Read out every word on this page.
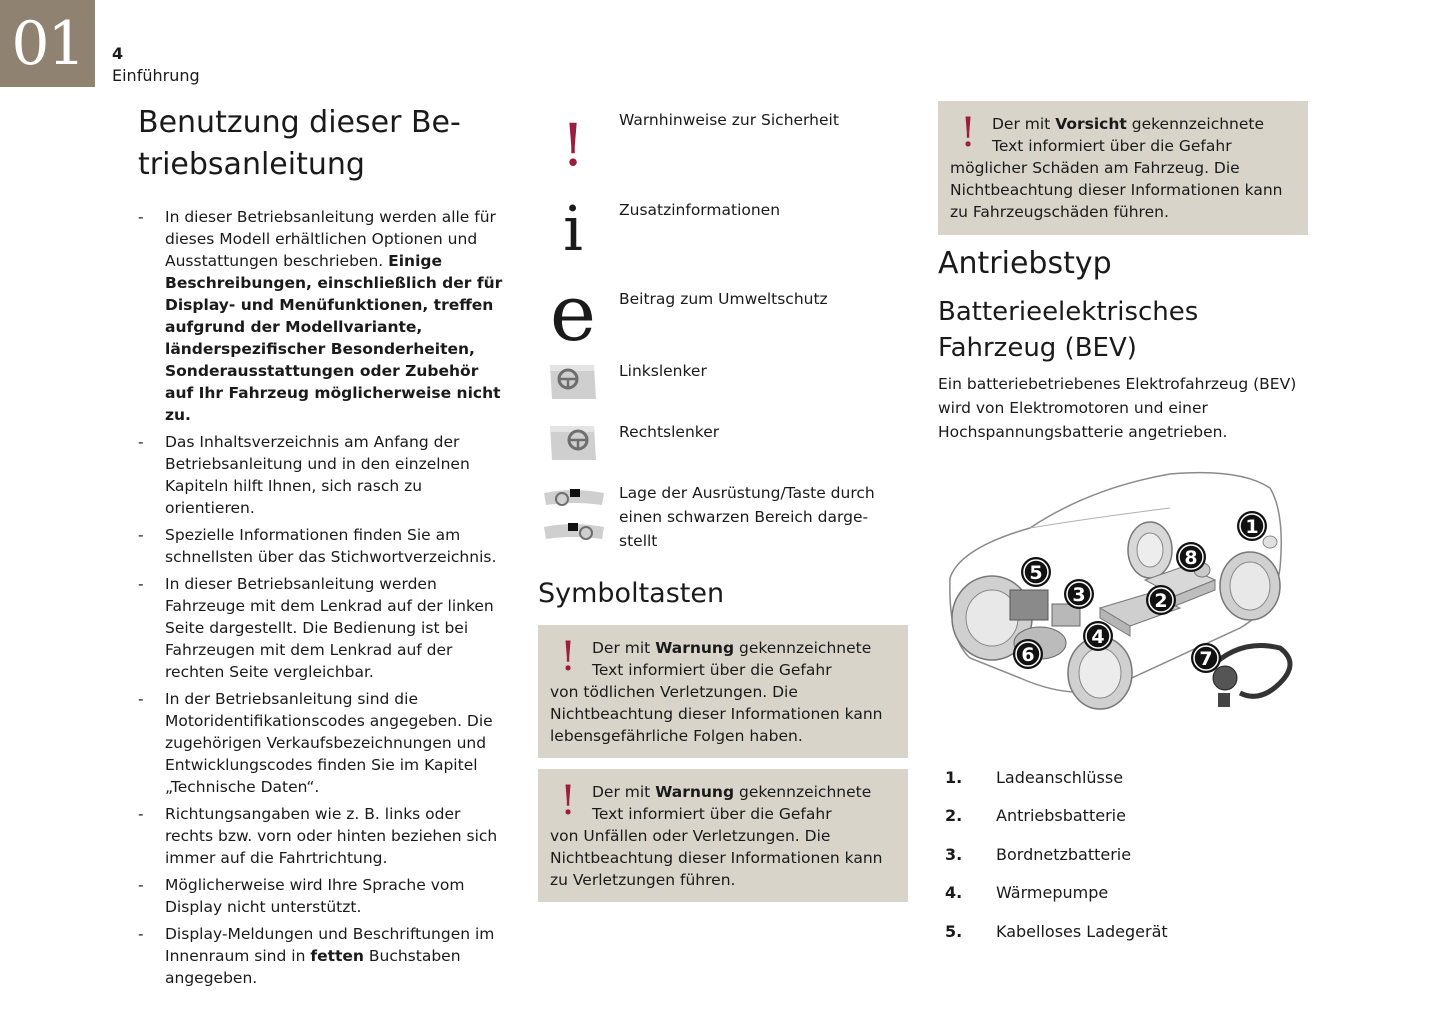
01 4
Einführung
Benutzung dieser Be-
triebsanleitung
- In dieser Betriebsanleitung werden alle für dieses Modell erhältlichen Optionen und Ausstattungen beschrieben. Einige Beschreibungen, einschließlich der für Display- und Menüfunktionen, treffen aufgrund der Modellvariante, länderspezifischer Besonderheiten, Sonderausstattungen oder Zubehör auf Ihr Fahrzeug möglicherweise nicht zu.
- Das Inhaltsverzeichnis am Anfang der Betriebsanleitung und in den einzelnen Kapiteln hilft Ihnen, sich rasch zu orientieren.
- Spezielle Informationen finden Sie am schnellsten über das Stichwortverzeichnis.
- In dieser Betriebsanleitung werden Fahrzeuge mit dem Lenkrad auf der linken Seite dargestellt. Die Bedienung ist bei Fahrzeugen mit dem Lenkrad auf der rechten Seite vergleichbar.
- In der Betriebsanleitung sind die Motoridentifikationscodes angegeben. Die zugehörigen Verkaufsbezeichnungen und Entwicklungscodes finden Sie im Kapitel „Technische Daten“.
- Richtungsangaben wie z. B. links oder rechts bzw. vorn oder hinten beziehen sich immer auf die Fahrtrichtung.
- Möglicherweise wird Ihre Sprache vom Display nicht unterstützt.
- Display-Meldungen und Beschriftungen im Innenraum sind in fetten Buchstaben angegeben.
!	Warnhinweise zur Sicherheit
i	Zusatzinformationen
e	Beitrag zum Umweltschutz
Linkslenker
Rechtslenker
Lage der Ausrüstung/Taste durch
einen schwarzen Bereich darge-
stellt
Symboltasten
!	Der mit Warnung gekennzeichnete
Text informiert über die Gefahr
von tödlichen Verletzungen. Die Nichtbeachtung dieser Informationen kann lebensgefährliche Folgen haben.
!	Der mit Warnung gekennzeichnete
Text informiert über die Gefahr
von Unfällen oder Verletzungen. Die Nichtbeachtung dieser Informationen kann zu Verletzungen führen.
!	Der mit Vorsicht gekennzeichnete
Text informiert über die Gefahr
möglicher Schäden am Fahrzeug. Die Nichtbeachtung dieser Informationen kann zu Fahrzeugschäden führen.
Antriebstyp
Batterieelektrisches
Fahrzeug (BEV)
Ein batteriebetriebenes Elektrofahrzeug (BEV) wird von Elektromotoren und einer Hochspannungsbatterie angetrieben.
1
2
3
4
5
6	7
8
1.	Ladeanschlüsse
2.	Antriebsbatterie
3.	Bordnetzbatterie
4.	Wärmepumpe
5.	Kabelloses Ladegerät
